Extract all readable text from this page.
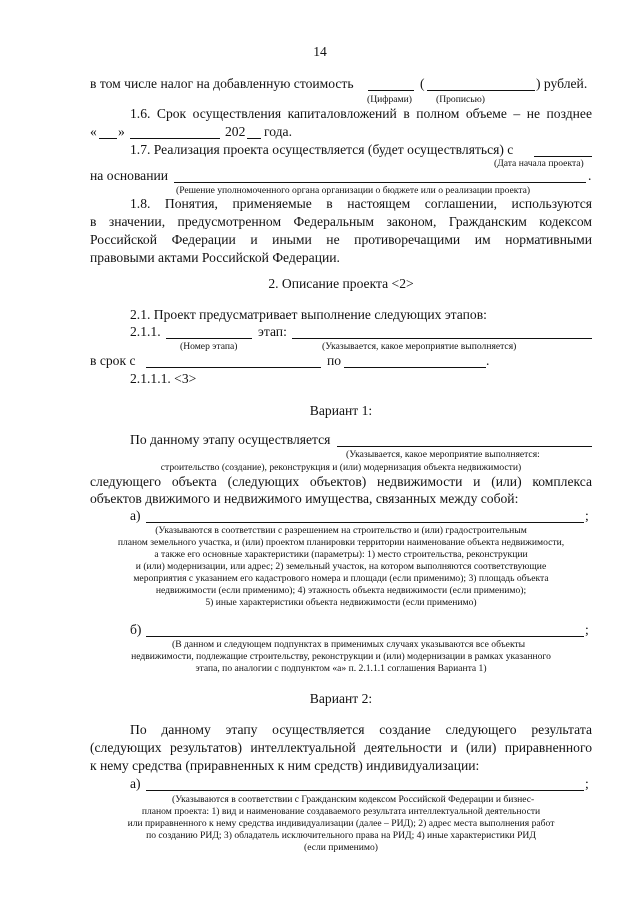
14
в том числе налог на добавленную стоимость	(	) рублей.
(Цифрами)	(Прописью)
1.6. Срок осуществления капиталовложений в полном объеме – не позднее
« »	202 года.
1.7. Реализация проекта осуществляется (будет осуществляться) с
(Дата начала проекта)
на основании	.
(Решение уполномоченного органа организации о бюджете или о реализации проекта)
1.8. Понятия, применяемые в настоящем соглашении, используются
в значении, предусмотренном Федеральным законом, Гражданским кодексом
Российской Федерации и иными не противоречащими им нормативными
правовыми актами Российской Федерации.
2. Описание проекта <2>
2.1. Проект предусматривает выполнение следующих этапов:
2.1.1.	этап:
(Номер этапа)	(Указывается, какое мероприятие выполняется)
в срок с	по	.
2.1.1.1. <3>
Вариант 1:
По данному этапу осуществляется
(Указывается, какое мероприятие выполняется:
строительство (создание), реконструкция и (или) модернизация объекта недвижимости)
следующего объекта (следующих объектов) недвижимости и (или) комплекса
объектов движимого и недвижимого имущества, связанных между собой:
а)	;
(Указываются в соответствии с разрешением на строительство и (или) градостроительным
планом земельного участка, и (или) проектом планировки территории наименование объекта недвижимости,
а также его основные характеристики (параметры): 1) место строительства, реконструкции
и (или) модернизации, или адрес; 2) земельный участок, на котором выполняются соответствующие
мероприятия с указанием его кадастрового номера и площади (если применимо); 3) площадь объекта
недвижимости (если применимо); 4) этажность объекта недвижимости (если применимо);
5) иные характеристики объекта недвижимости (если применимо)
б)	;
(В данном и следующем подпунктах в применимых случаях указываются все объекты
недвижимости, подлежащие строительству, реконструкции и (или) модернизации в рамках указанного
этапа, по аналогии с подпунктом «а» п. 2.1.1.1 соглашения Варианта 1)
Вариант 2:
По данному этапу осуществляется создание следующего результата
(следующих результатов) интеллектуальной деятельности и (или) приравненного
к нему средства (приравненных к ним средств) индивидуализации:
а)	;
(Указываются в соответствии с Гражданским кодексом Российской Федерации и бизнес-
планом проекта: 1) вид и наименование создаваемого результата интеллектуальной деятельности
или приравненного к нему средства индивидуализации (далее – РИД); 2) адрес места выполнения работ
по созданию РИД; 3) обладатель исключительного права на РИД; 4) иные характеристики РИД
(если применимо)
